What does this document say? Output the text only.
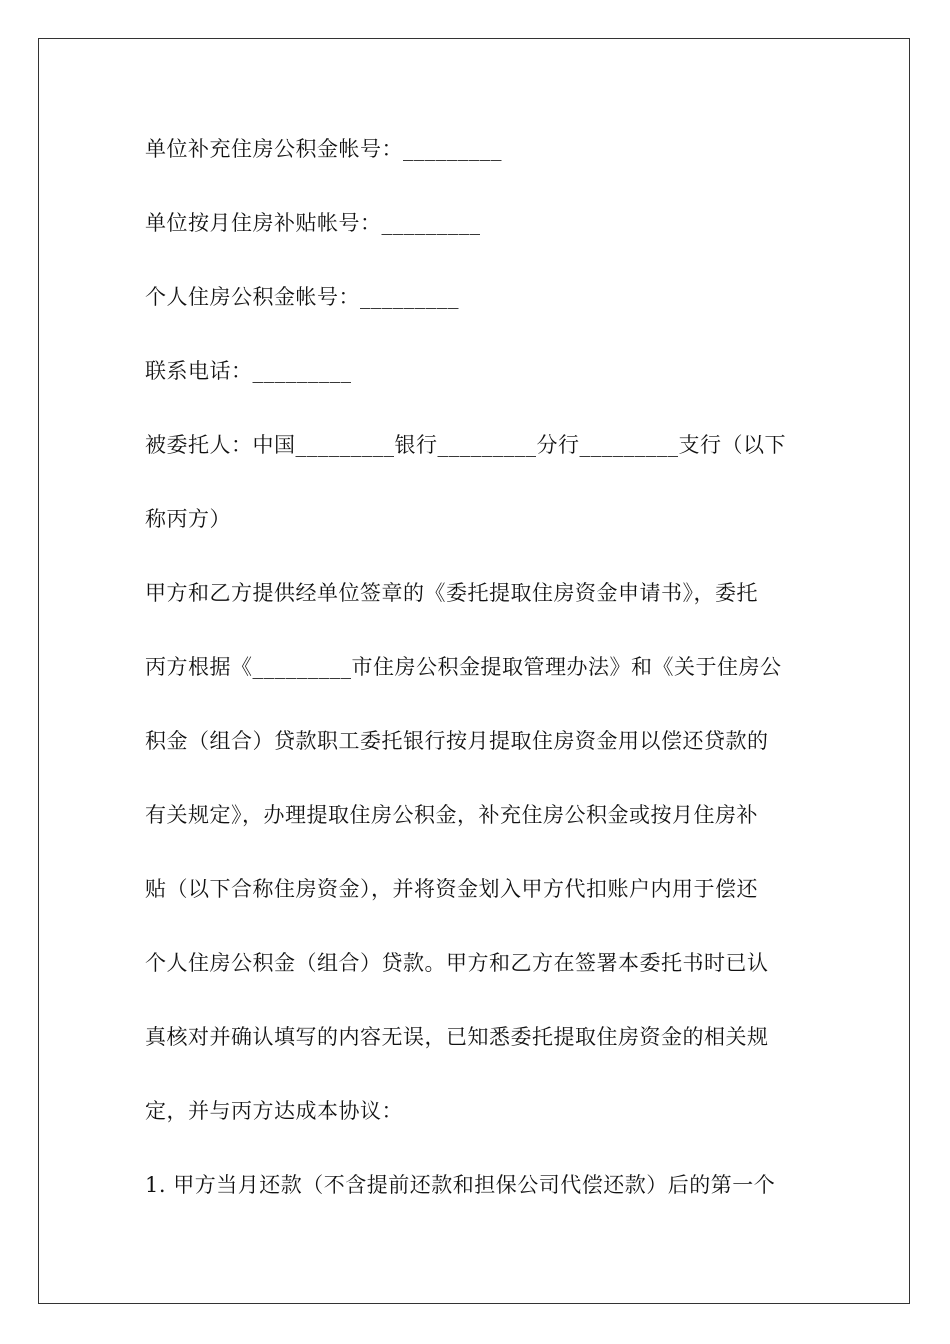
单位补充住房公积金帐号：_________
单位按月住房补贴帐号：_________
个人住房公积金帐号：_________
联系电话：_________
被委托人：中国_________银行_________分行_________支行（以下
称丙方）
甲方和乙方提供经单位签章的《委托提取住房资金申请书》，委托
丙方根据《_________市住房公积金提取管理办法》和《关于住房公
积金（组合）贷款职工委托银行按月提取住房资金用以偿还贷款的
有关规定》，办理提取住房公积金，补充住房公积金或按月住房补
贴（以下合称住房资金），并将资金划入甲方代扣账户内用于偿还
个人住房公积金（组合）贷款。甲方和乙方在签署本委托书时已认
真核对并确认填写的内容无误，已知悉委托提取住房资金的相关规
定，并与丙方达成本协议：
1. 甲方当月还款（不含提前还款和担保公司代偿还款）后的第一个
